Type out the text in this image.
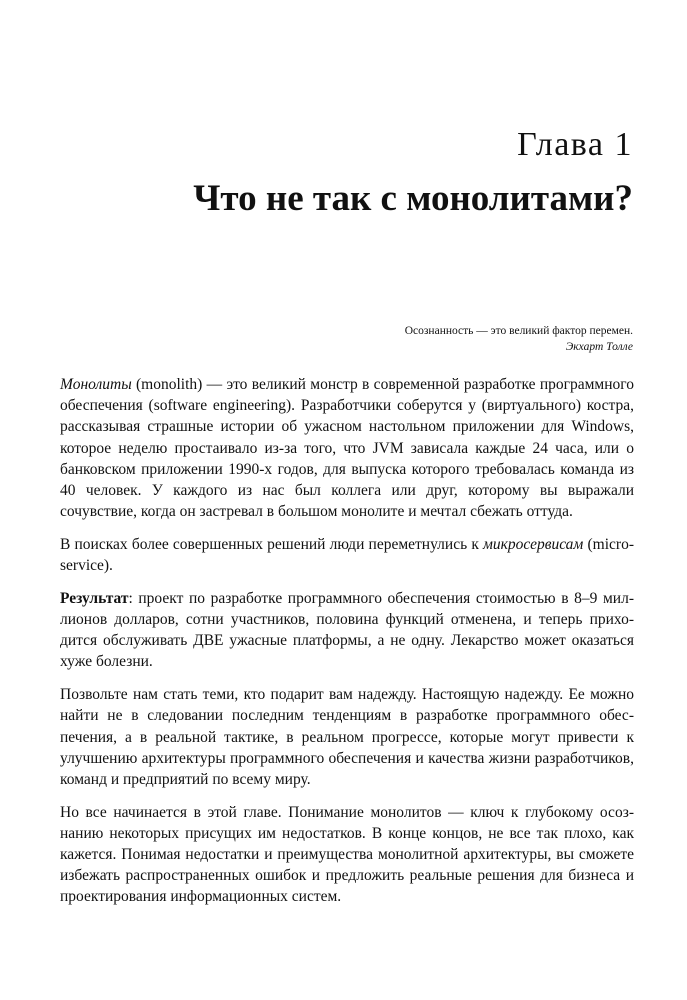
Глава 1
Что не так с монолитами?
Осознанность — это великий фактор перемен.
Экхарт Толле

Монолиты (monolith) — это великий монстр в современной разработке программного обеспечения (software engineering). Разработчики соберутся у (виртуального) костра, рассказывая страшные истории об ужасном настольном приложении для Windows, которое неделю простаивало из-за того, что JVM зависала каждые 24 часа, или о банковском приложении 1990-х годов, для выпуска которого требовалась команда из 40 человек. У каждого из нас был коллега или друг, которому вы выражали сочувствие, когда он застревал в большом монолите и мечтал сбежать оттуда.

В поисках более совершенных решений люди переметнулись к микросервисам (microservice).

Результат: проект по разработке программного обеспечения стоимостью в 8–9 миллионов долларов, сотни участников, половина функций отменена, и теперь приходится обслуживать ДВЕ ужасные платформы, а не одну. Лекарство может оказаться хуже болезни.

Позвольте нам стать теми, кто подарит вам надежду. Настоящую надежду. Ее можно найти не в следовании последним тенденциям в разработке программного обеспечения, а в реальной тактике, в реальном прогрессе, которые могут привести к улучшению архитектуры программного обеспечения и качества жизни разработчиков, команд и предприятий по всему миру.

Но все начинается в этой главе. Понимание монолитов — ключ к глубокому осознанию некоторых присущих им недостатков. В конце концов, не все так плохо, как кажется. Понимая недостатки и преимущества монолитной архитектуры, вы сможете избежать распространенных ошибок и предложить реальные решения для бизнеса и проектирования информационных систем.
